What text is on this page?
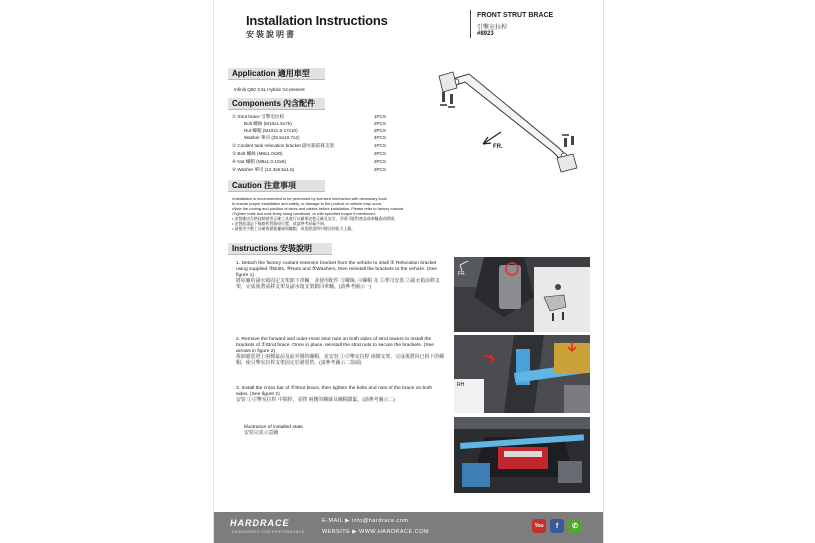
Installation Instructions
安裝說明書
FRONT STRUT BRACE
引擎室拉桿
#8923
Application 適用車型
Infiniti Q50 3.5L Hybrid '14-present
FR.
Components 內含配件
① Strut brace 引擎室拉桿	1PCS
Bolt 螺絲 (M10x1.5x75)	2PCS
Nut 螺帽 (M10x1.5-17x10)	2PCS
Washer 華司 (20.5x10.7x2)	4PCS
② Coolant tank relocation bracket 副水箱前移支架	1PCS
③ Bolt 螺絲 (M8x1.0x20)	2PCS
④ Nut 螺帽 (M8x1.0-10x5)	2PCS
⑤ Washer 華司 (12.3x6.5x1.5)	2PCS
Caution 注意事項
•Installation is recommended to be performed by licensed mechanics with necessary tools
to ensure proper installation and safety, or damage to the product or vehicle may occur.
•Note the routing and position of wires and cables before installation. Please refer to factory manual.
•Tighten bolts and nuts firmly using handtools, or with specified torque if mentioned.
• 安裝應由合格技師使用正確工具進行以確保安裝正確及安全，否則可能對產品或車輛造成損壞。
• 安裝前請記下線路和管路原位置，或請參考原廠手冊。
• 請使用手動工具確實鎖緊螺絲與螺帽，或依照說明中標註的扭力上鎖。
Instructions 安裝說明
1. Detach the factory coolant reservior bracket from the vehicle to intall ② Relocation bracket using supplied ③Bolts, ④Nuts and ⑤Washers, then reinstall the brackets to the vehicle. (See figure 1)
將原廠的副水箱固定支架卸下車輛，並使用配件 ③螺絲, ④螺帽 及 ⑤華司安裝 ②副水箱前移支架，完成後將前移支架及副水箱支架鎖回車輛。(請參考圖示一)
2. Remove the forward and outer-most strut nuts on both sides of strut towers to install the brackets of ①Strut brace. Once in place, reinstall the strut nuts to secure the brackets. (See arrows in figure 2)
拆卸避震塔上兩側最前及最外側的螺帽，並安裝 ①引擎室拉桿 兩側支架，完成後將回已拆下的螺帽，使引擎室拉桿支架固定於避震塔。(請參考圖示二箭頭)
3. Install the cross bar of ①Strut brace, then tighten the bolts and nuts of the brace on both sides. (See figure 2)
安裝 ①引擎室拉桿 中間桿，並將 兩側的螺絲及螺帽鎖緊。(請參考圖示二)
Illustration of installed state
安裝完成示意圖
FR.
RH
HARDRACE
ENGINEERED FOR PERFORMANCE
E-MAIL ▶ info@hardrace.com
WEBSITE ▶ WWW.HARDRACE.COM
You	f	✆
